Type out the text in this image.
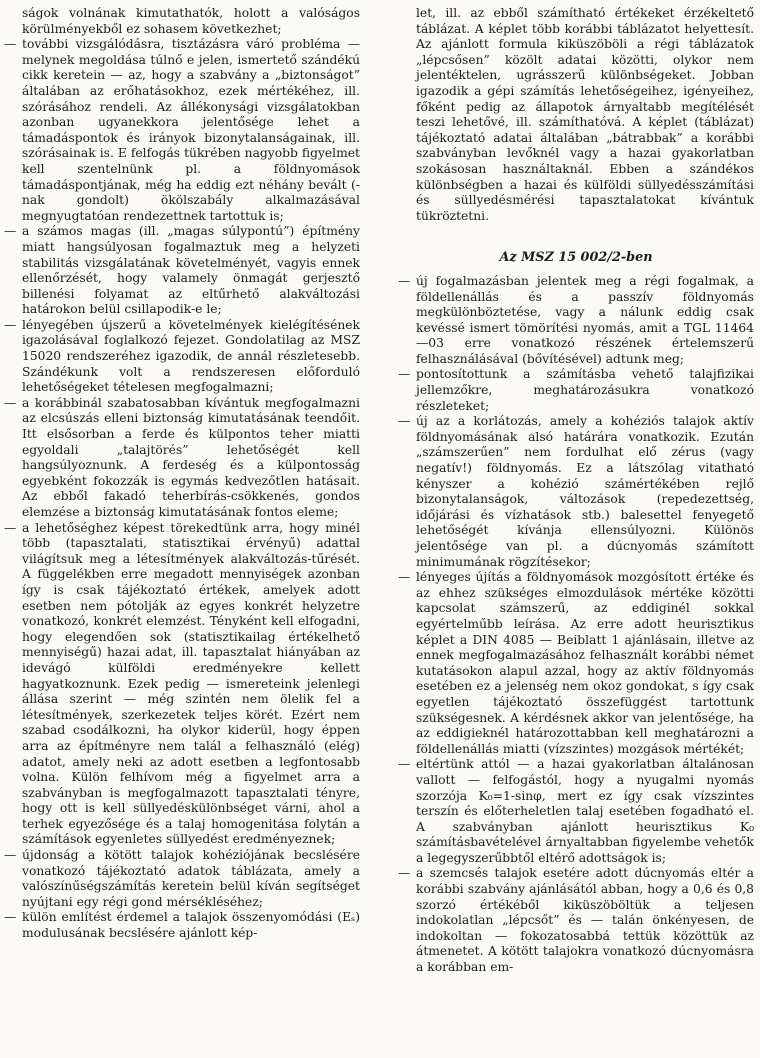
ságok volnának kimutathatók, holott a valóságos körülményekből ez sohasem következhet;

— további vizsgálódásra, tisztázásra váró probléma — melynek megoldása túlnő e jelen, ismertető szándékú cikk keretein — az, hogy a szabvány a „biztonságot” általában az erőhatásokhoz, ezek mértékéhez, ill. szórásához rendeli. Az állékonysági vizsgálatokban azonban ugyanekkora jelentősége lehet a támadáspontok és irányok bizonytalanságainak, ill. szórásainak is. E felfogás tükrében nagyobb figyelmet kell szentelnünk pl. a földnyomások támadáspontjának, még ha eddig ezt néhány bevált (-nak gondolt) ökölszabály alkalmazásával megnyugtatóan rendezettnek tartottuk is;
— a számos magas (ill. „magas súlypontú”) építmény miatt hangsúlyosan fogalmaztuk meg a helyzeti stabilitás vizsgálatának követelményét, vagyis ennek ellenőrzését, hogy valamely önmagát gerjesztő billenési folyamat az eltűrhető alakváltozási határokon belül csillapodik-e le;
— lényegében újszerű a követelmények kielégítésének igazolásával foglalkozó fejezet. Gondolatilag az MSZ 15020 rendszeréhez igazodik, de annál részletesebb. Szándékunk volt a rendszeresen előforduló lehetőségeket tételesen megfogalmazni;
— a korábbinál szabatosabban kívántuk megfogalmazni az elcsúszás elleni biztonság kimutatásának teendőit. Itt elsősorban a ferde és külpontos teher miatti egyoldali „talajtörés” lehetőségét kell hangsúlyoznunk. A ferdeség és a külpontosság egyebként fokozzák is egymás kedvezőtlen hatásait. Az ebből fakadó teherbírás-csökkenés, gondos elemzése a biztonság kimutatásának fontos eleme;
— a lehetőséghez képest törekedtünk arra, hogy minél több (tapasztalati, statisztikai érvényű) adattal világítsuk meg a létesítmények alakváltozás-tűrését. A függelékben erre megadott mennyiségek azonban így is csak tájékoztató értékek, amelyek adott esetben nem pótolják az egyes konkrét helyzetre vonatkozó, konkrét elemzést. Tényként kell elfogadni, hogy elegendően sok (statisztikailag értékelhető mennyiségű) hazai adat, ill. tapasztalat hiányában az idevágó külföldi eredményekre kellett hagyatkoznunk. Ezek pedig — ismereteink jelenlegi állása szerint — még szintén nem ölelik fel a létesítmények, szerkezetek teljes körét. Ezért nem szabad csodálkozni, ha olykor kiderül, hogy éppen arra az építményre nem talál a felhasználó (elég) adatot, amely neki az adott esetben a legfontosabb volna. Külön felhívom még a figyelmet arra a szabványban is megfogalmazott tapasztalati tényre, hogy ott is kell süllyedéskülönbséget várni, ahol a terhek egyezősége és a talaj homogenitása folytán a számítások egyenletes süllyedést eredményeznek;
— újdonság a kötött talajok kohéziójának becslésére vonatkozó tájékoztató adatok táblázata, amely a valószínűségszámítás keretein belül kíván segítséget nyújtani egy régi gond mérsékléséhez;
— külön említést érdemel a talajok összenyomódási (Eₛ) modulusának becslésére ajánlott kép-

let, ill. az ebből számítható értékeket érzékeltető táblázat. A képlet több korábbi táblázatot helyettesít. Az ajánlott formula kiküszöböli a régi táblázatok „lépcsősen” közölt adatai közötti, olykor nem jelentéktelen, ugrásszerű különbségeket. Jobban igazodik a gépi számítás lehetőségeihez, igényeihez, főként pedig az állapotok árnyaltabb megítélését teszi lehetővé, ill. számíthatóvá. A képlet (táblázat) tájékoztató adatai általában „bátrabbak” a korábbi szabványban levőknél vagy a hazai gyakorlatban szokásosan használtaknál. Ebben a szándékos különbségben a hazai és külföldi süllyedésszámítási és süllyedésmérési tapasztalatokat kívántuk tükröztetni.

Az MSZ 15 002/2-ben
— új fogalmazásban jelentek meg a régi fogalmak, a földellenállás és a passzív földnyomás megkülönböztetése, vagy a nálunk eddig csak kevéssé ismert tömörítési nyomás, amit a TGL 11464—03 erre vonatkozó részének értelemszerű felhasználásával (bővítésével) adtunk meg;
— pontosítottunk a számításba vehető talajfizikai jellemzőkre, meghatározásukra vonatkozó részleteket;
— új az a korlátozás, amely a kohéziós talajok aktív földnyomásának alsó határára vonatkozik. Ezután „számszerűen” nem fordulhat elő zérus (vagy negatív!) földnyomás. Ez a látszólag vitatható kényszer a kohézió számértékében rejlő bizonytalanságok, változások (repedezettség, időjárási és vízhatások stb.) balesettel fenyegető lehetőségét kívánja ellensúlyozni. Különös jelentősége van pl. a dúcnyomás számított minimumának rögzítésekor;
— lényeges újítás a földnyomások mozgósított értéke és az ehhez szükséges elmozdulások mértéke közötti kapcsolat számszerű, az eddiginél sokkal egyértelműbb leírása. Az erre adott heurisztikus képlet a DIN 4085 — Beiblatt 1 ajánlásain, illetve az ennek megfogalmazásához felhasznált korábbi német kutatásokon alapul azzal, hogy az aktív földnyomás esetében ez a jelenség nem okoz gondokat, s így csak egyetlen tájékoztató összefüggést tartottunk szükségesnek. A kérdésnek akkor van jelentősége, ha az eddigieknél határozottabban kell meghatározni a földellenállás miatti (vízszintes) mozgások mértékét;
— eltértünk attól — a hazai gyakorlatban általánosan vallott — felfogástól, hogy a nyugalmi nyomás szorzója K₀=1-sinφ, mert ez így csak vízszintes terszín és előterheletlen talaj esetében fogadható el. A szabványban ajánlott heurisztikus K₀ számításbavételével árnyaltabban figyelembe vehetők a legegyszerűbbtől eltérő adottságok is;
— a szemcsés talajok esetére adott dúcnyomás eltér a korábbi szabvány ajánlásától abban, hogy a 0,6 és 0,8 szorzó értékéből kiküszöböltük a teljesen indokolatlan „lépcsőt” és — talán önkényesen, de indokoltan — fokozatosabbá tettük közöttük az átmenetet. A kötött talajokra vonatkozó dúcnyomásra a korábban em-
